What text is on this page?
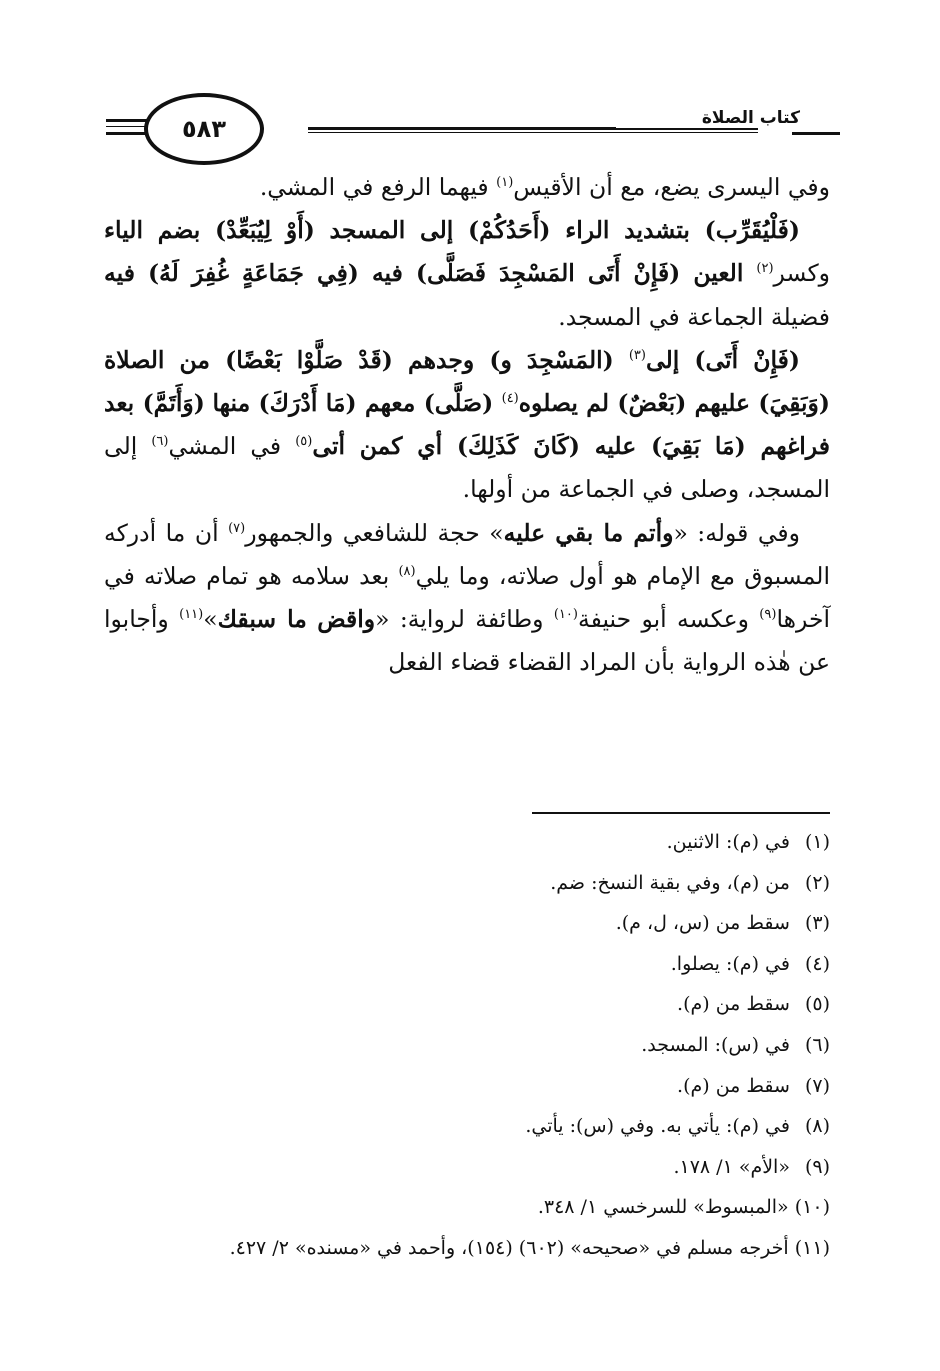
٥٨٣	كتاب الصلاة

وفي اليسرى يضع، مع أن الأقيس$^{(١)}$ فيهما الرفع في المشي.

(فَلْيُقَرِّب) بتشديد الراء (أَحَدُكُمْ) إلى المسجد (أَوْ لِيُبَعِّدْ) بضم الياء وكسر$^{(٢)}$ العين (فَإِنْ أَتَى المَسْجِدَ فَصَلَّى) فيه (فِي جَمَاعَةٍ غُفِرَ لَهُ) فيه فضيلة الجماعة في المسجد.

(فَإِنْ أَتَى) إلى$^{(٣)}$ (المَسْجِدَ و) وجدهم (قَدْ صَلَّوْا بَعْضًا) من الصلاة (وَبَقِيَ) عليهم (بَعْضٌ) لم يصلوه$^{(٤)}$ (صَلَّى) معهم (مَا أَدْرَكَ) منها (وَأَتَمَّ) بعد فراغهم (مَا بَقِيَ) عليه (كَانَ كَذَلِكَ) أي كمن أتى$^{(٥)}$ في المشي$^{(٦)}$ إلى المسجد، وصلى في الجماعة من أولها.

وفي قوله: «وأتم ما بقي عليه» حجة للشافعي والجمهور$^{(٧)}$ أن ما أدركه المسبوق مع الإمام هو أول صلاته، وما يلي$^{(٨)}$ بعد سلامه هو تمام صلاته في آخرها$^{(٩)}$ وعكسه أبو حنيفة$^{(١٠)}$ وطائفة لرواية: «واقض ما سبقك»$^{(١١)}$ وأجابوا عن هٰذه الرواية بأن المراد القضاء قضاء الفعل

(١) في (م): الاثنين.
(٢) من (م)، وفي بقية النسخ: ضم.
(٣) سقط من (س، ل، م).
(٤) في (م): يصلوا.
(٥) سقط من (م).
(٦) في (س): المسجد.
(٧) سقط من (م).
(٨) في (م): يأتي به. وفي (س): يأتي.
(٩) «الأم» ١/ ١٧٨.
(١٠) «المبسوط» للسرخسي ١/ ٣٤٨.
(١١) أخرجه مسلم في «صحيحه» (٦٠٢) (١٥٤)، وأحمد في «مسنده» ٢/ ٤٢٧.
